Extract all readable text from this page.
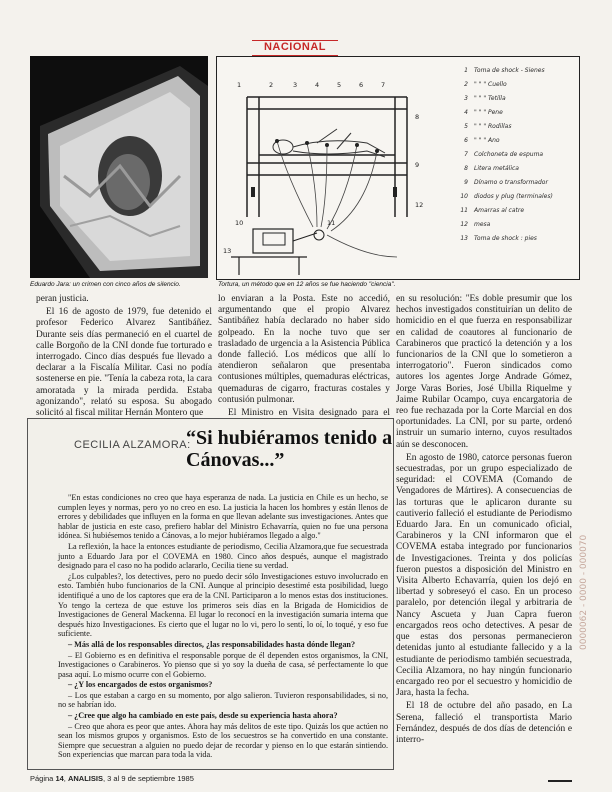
NACIONAL
Eduardo Jara: un crimen con cinco años de silencio.
1	2	3	4	5	6	7
8
9
10	11
12
13
1 Toma de shock - Sienes
2 " " " Cuello
3 " " " Tetilla
4 " " " Pene
5 " " " Rodillas
6 " " " Ano
7 Colchoneta de espuma
8 Litera metálica
9 Dínamo o transformador
10 diodos y plug (terminales)
11 Amarras al catre
12 mesa
13 Toma de shock : pies
Tortura, un método que en 12 años se fue haciendo "ciencia".

peran justicia.

El 16 de agosto de 1979, fue detenido el profesor Federico Alvarez Santibáñez. Durante seis días permaneció en el cuartel de calle Borgoño de la CNI donde fue torturado e interrogado. Cinco días después fue llevado a declarar a la Fiscalía Militar. Casi no podía sostenerse en pie. "Tenía la cabeza rota, la cara amoratada y la mirada perdida. Estaba agonizando", relató su esposa. Su abogado solicitó al fiscal militar Hernán Montero que

lo enviaran a la Posta. Este no accedió, argumentando que el propio Alvarez Santibáñez había declarado no haber sido golpeado. En la noche tuvo que ser trasladado de urgencia a la Asistencia Pública donde falleció. Los médicos que allí lo atendieron señalaron que presentaba contusiones múltiples, quemaduras eléctricas, quemaduras de cigarro, fracturas costales y contusión pulmonar.

El Ministro en Visita designado para el

en su resolución: "Es doble presumir que los hechos investigados constituirían un delito de homicidio en el que fuerza en responsabilizar en calidad de coautores al funcionario de Carabineros que practicó la detención y a los funcionarios de la CNI que lo sometieron a interrogatorio". Fueron sindicados como autores los agentes Jorge Andrade Gómez, Jorge Varas Bories, José Ubilla Riquelme y Jaime Rubilar Ocampo, cuya encargatoria de reo fue rechazada por la Corte Marcial en dos oportunidades. La CNI, por su parte, ordenó instruir un sumario interno, cuyos resultados aún se desconocen.

En agosto de 1980, catorce personas fueron secuestradas, por un grupo especializado de seguridad: el COVEMA (Comando de Vengadores de Mártires). A consecuencias de las torturas que le aplicaron durante su cautiverio falleció el estudiante de Periodismo Eduardo Jara. En un comunicado oficial, Carabineros y la CNI informaron que el COVEMA estaba integrado por funcionarios de Investigaciones. Treinta y dos policías fueron puestos a disposición del Ministro en Visita Alberto Echavarría, quien los dejó en libertad y sobreseyó el caso. En un proceso paralelo, por detención ilegal y arbitraria de Nancy Ascueta y Juan Capra fueron encargados reos ocho detectives. A pesar de que estas dos personas permanecieron detenidas junto al estudiante fallecido y a la estudiante de periodismo también secuestrada, Cecilia Alzamora, no hay ningún funcionario encargado reo por el secuestro y homicidio de Jara, hasta la fecha.

El 18 de octubre del año pasado, en La Serena, falleció el transportista Mario Fernández, después de dos días de detención e interro-

CECILIA ALZAMORA:
“Si hubiéramos tenido a Cánovas...”

"En estas condiciones no creo que haya esperanza de nada. La justicia en Chile es un hecho, se cumplen leyes y normas, pero yo no creo en eso. La justicia la hacen los hombres y están llenos de errores y debilidades que influyen en la forma en que llevan adelante sus investigaciones. Antes que hablar de justicia en este caso, prefiero hablar del Ministro Echavarría, quien no fue una persona idónea. Si hubiésemos tenido a Cánovas, a lo mejor hubiéramos llegado a algo."

La reflexión, la hace la entonces estudiante de periodismo, Cecilia Alzamora,que fue secuestrada junto a Eduardo Jara por el COVEMA en 1980. Cinco años después, aunque el magistrado designado para el caso no ha podido aclararlo, Cecilia tiene su verdad.

¿Los culpables?, los detectives, pero no puedo decir sólo Investigaciones estuvo involucrado en esto. También hubo funcionarios de la CNI. Aunque al principio desestimé esta posibilidad, luego identifiqué a uno de los captores que era de la CNI. Participaron a lo menos estas dos instituciones. Yo tengo la certeza de que estuve los primeros seis días en la Brigada de Homicidios de Investigaciones de General Mackenna. El lugar lo reconocí en la investigación sumaria interna que después hizo Investigaciones. Es cierto que el lugar no lo vi, pero lo sentí, lo oí, lo toqué, y eso fue suficiente.

– Más allá de los responsables directos, ¿las responsabilidades hasta dónde llegan?

– El Gobierno es en definitiva el responsable porque de él dependen estos organismos, la CNI, Investigaciones o Carabineros. Yo pienso que si yo soy la dueña de casa, sé perfectamente lo que pasa aquí. Lo mismo ocurre con el Gobierno.

– ¿Y los encargados de estos organismos?

– Los que estaban a cargo en su momento, por algo salieron. Tuvieron responsabilidades, si no, no se habrían ido.

– ¿Cree que algo ha cambiado en este país, desde su experiencia hasta ahora?

– Creo que ahora es peor que antes. Ahora hay más delitos de este tipo. Quizás los que actúen no sean los mismos grupos y organismos. Esto de los secuestros se ha convertido en una constante. Siempre que secuestran a alguien no puedo dejar de recordar y pienso en lo que estarán sintiendo. Son experiencias que marcan para toda la vida.

Página 14, ANALISIS, 3 al 9 de septiembre 1985
0000062 - 0000 - 000070
